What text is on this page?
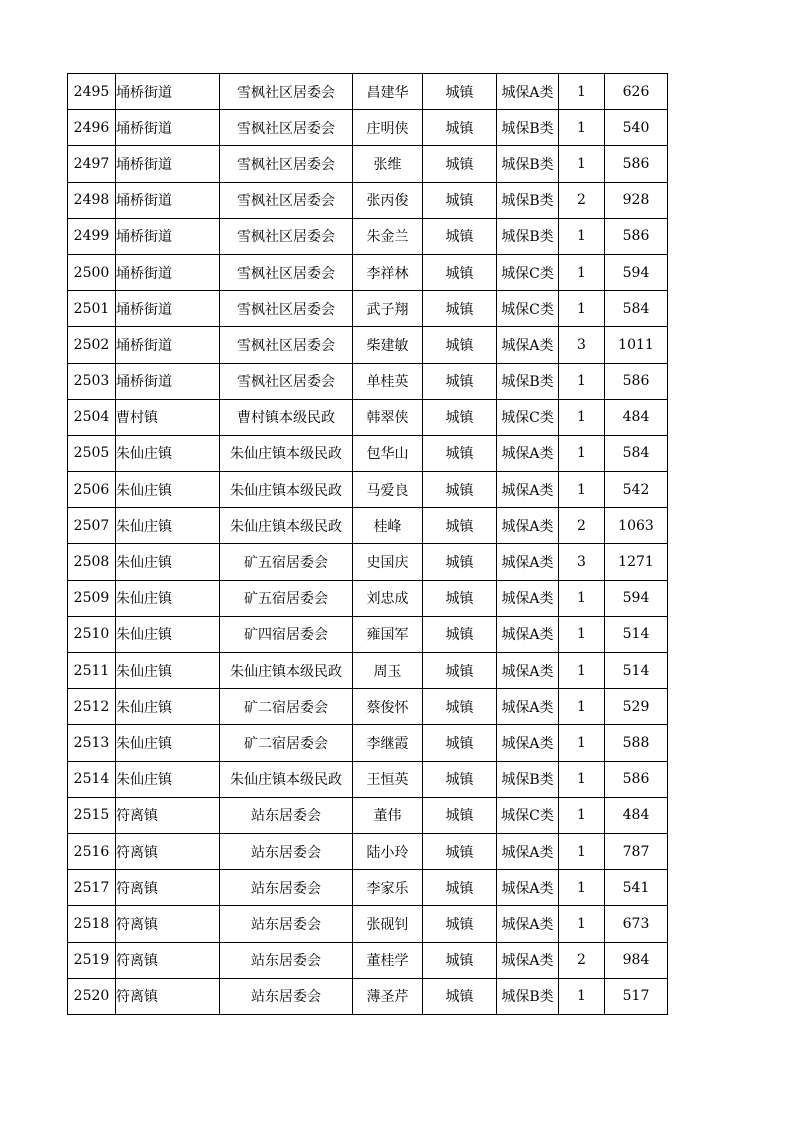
2495	埇桥街道	雪枫社区居委会	昌建华	城镇	城保A类	1	626
2496	埇桥街道	雪枫社区居委会	庄明侠	城镇	城保B类	1	540
2497	埇桥街道	雪枫社区居委会	张维	城镇	城保B类	1	586
2498	埇桥街道	雪枫社区居委会	张丙俊	城镇	城保B类	2	928
2499	埇桥街道	雪枫社区居委会	朱金兰	城镇	城保B类	1	586
2500	埇桥街道	雪枫社区居委会	李祥林	城镇	城保C类	1	594
2501	埇桥街道	雪枫社区居委会	武子翔	城镇	城保C类	1	584
2502	埇桥街道	雪枫社区居委会	柴建敏	城镇	城保A类	3	1011
2503	埇桥街道	雪枫社区居委会	单桂英	城镇	城保B类	1	586
2504	曹村镇	曹村镇本级民政	韩翠侠	城镇	城保C类	1	484
2505	朱仙庄镇	朱仙庄镇本级民政	包华山	城镇	城保A类	1	584
2506	朱仙庄镇	朱仙庄镇本级民政	马爱良	城镇	城保A类	1	542
2507	朱仙庄镇	朱仙庄镇本级民政	桂峰	城镇	城保A类	2	1063
2508	朱仙庄镇	矿五宿居委会	史国庆	城镇	城保A类	3	1271
2509	朱仙庄镇	矿五宿居委会	刘忠成	城镇	城保A类	1	594
2510	朱仙庄镇	矿四宿居委会	雍国军	城镇	城保A类	1	514
2511	朱仙庄镇	朱仙庄镇本级民政	周玉	城镇	城保A类	1	514
2512	朱仙庄镇	矿二宿居委会	蔡俊怀	城镇	城保A类	1	529
2513	朱仙庄镇	矿二宿居委会	李继霞	城镇	城保A类	1	588
2514	朱仙庄镇	朱仙庄镇本级民政	王恒英	城镇	城保B类	1	586
2515	符离镇	站东居委会	董伟	城镇	城保C类	1	484
2516	符离镇	站东居委会	陆小玲	城镇	城保A类	1	787
2517	符离镇	站东居委会	李家乐	城镇	城保A类	1	541
2518	符离镇	站东居委会	张砚钊	城镇	城保A类	1	673
2519	符离镇	站东居委会	董桂学	城镇	城保A类	2	984
2520	符离镇	站东居委会	薄圣芹	城镇	城保B类	1	517
